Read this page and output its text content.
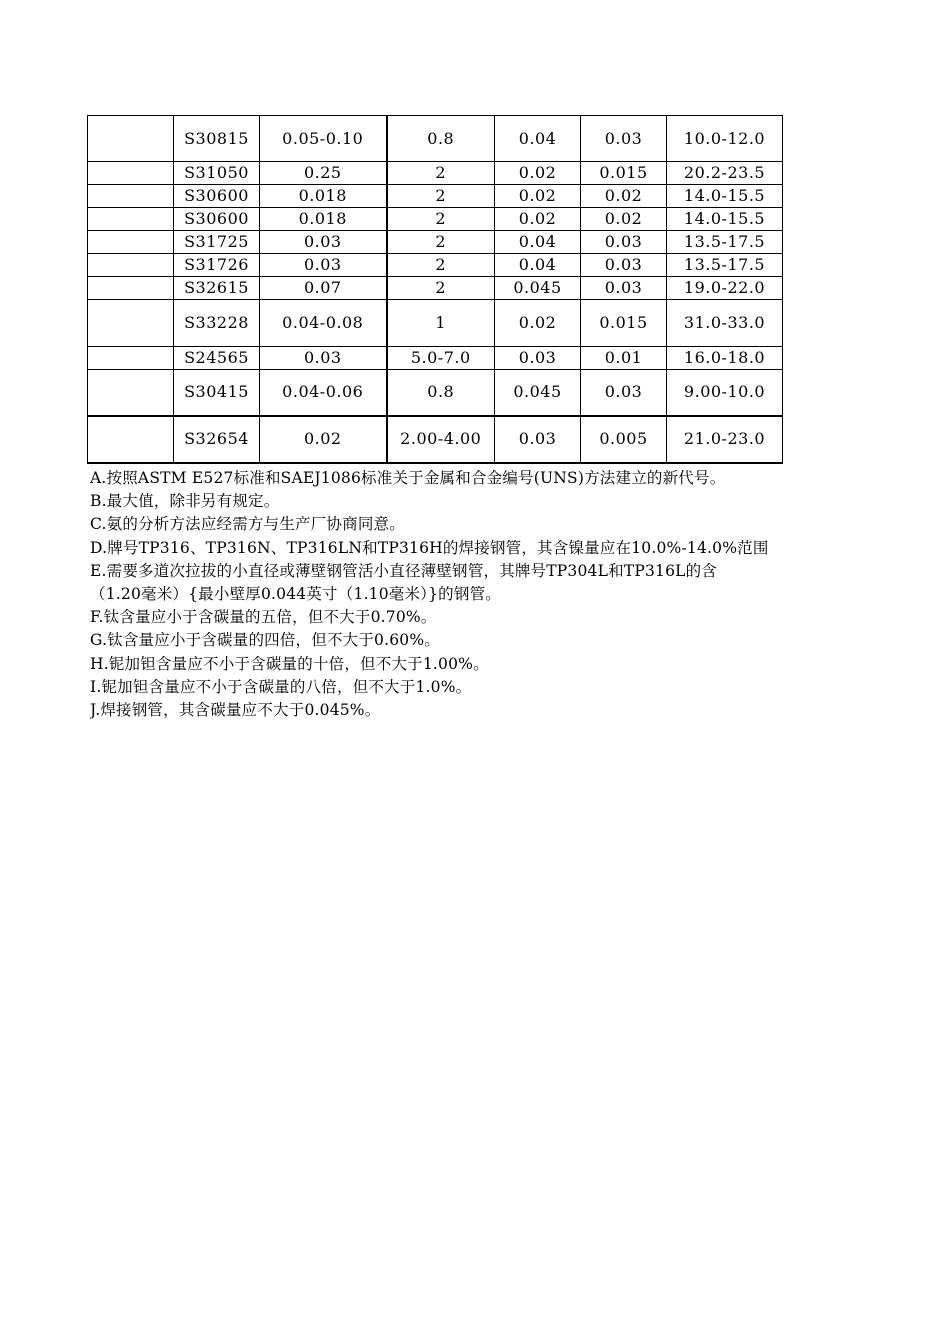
	S30815	0.05-0.10	0.8	0.04	0.03	10.0-12.0
	S31050	0.25	2	0.02	0.015	20.2-23.5
	S30600	0.018	2	0.02	0.02	14.0-15.5
	S30600	0.018	2	0.02	0.02	14.0-15.5
	S31725	0.03	2	0.04	0.03	13.5-17.5
	S31726	0.03	2	0.04	0.03	13.5-17.5
	S32615	0.07	2	0.045	0.03	19.0-22.0
	S33228	0.04-0.08	1	0.02	0.015	31.0-33.0
	S24565	0.03	5.0-7.0	0.03	0.01	16.0-18.0
	S30415	0.04-0.06	0.8	0.045	0.03	9.00-10.0
	S32654	0.02	2.00-4.00	0.03	0.005	21.0-23.0
A.按照ASTM E527标准和SAEJ1086标准关于金属和合金编号(UNS)方法建立的新代号。
B.最大值，除非另有规定。
C.氨的分析方法应经需方与生产厂协商同意。
D.牌号TP316、TP316N、TP316LN和TP316H的焊接钢管，其含镍量应在10.0%-14.0%范围
E.需要多道次拉拔的小直径或薄壁钢管活小直径薄壁钢管，其牌号TP304L和TP316L的含
（1.20毫米）{最小壁厚0.044英寸（1.10毫米）}的钢管。
F.钛含量应小于含碳量的五倍，但不大于0.70%。
G.钛含量应小于含碳量的四倍，但不大于0.60%。
H.铌加钽含量应不小于含碳量的十倍，但不大于1.00%。
I.铌加钽含量应不小于含碳量的八倍，但不大于1.0%。
J.焊接钢管，其含碳量应不大于0.045%。
